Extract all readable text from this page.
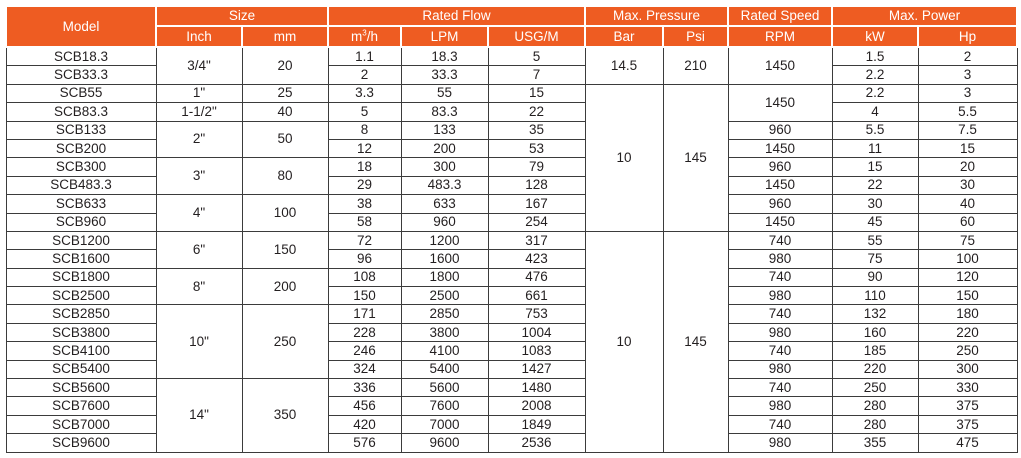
Model	Size		Rated Flow			Max. Pressure		Rated Speed	Max. Power	
	Inch	mm	$m^3/h$	LPM	USG/M	Bar	Psi	RPM	kW	Hp
SCB18.3	3/4"	20	1.1	18.3	5	14.5	210	1450	1.5	2
SCB33.3			2	33.3	7				2.2	3
SCB55	1"	25	3.3	55	15	10	145	1450	2.2	3
SCB83.3	1-1/2"	40	5	83.3	22				4	5.5
SCB133	2"	50	8	133	35			960	5.5	7.5
SCB200			12	200	53			1450	11	15
SCB300	3"	80	18	300	79			960	15	20
SCB483.3			29	483.3	128			1450	22	30
SCB633	4"	100	38	633	167			960	30	40
SCB960			58	960	254			1450	45	60
SCB1200	6"	150	72	1200	317	10	145	740	55	75
SCB1600			96	1600	423			980	75	100
SCB1800	8"	200	108	1800	476			740	90	120
SCB2500			150	2500	661			980	110	150
SCB2850	10"	250	171	2850	753			740	132	180
SCB3800			228	3800	1004			980	160	220
SCB4100			246	4100	1083			740	185	250
SCB5400			324	5400	1427			980	220	300
SCB5600	14"	350	336	5600	1480			740	250	330
SCB7600			456	7600	2008			980	280	375
SCB7000			420	7000	1849			740	280	375
SCB9600			576	9600	2536			980	355	475
